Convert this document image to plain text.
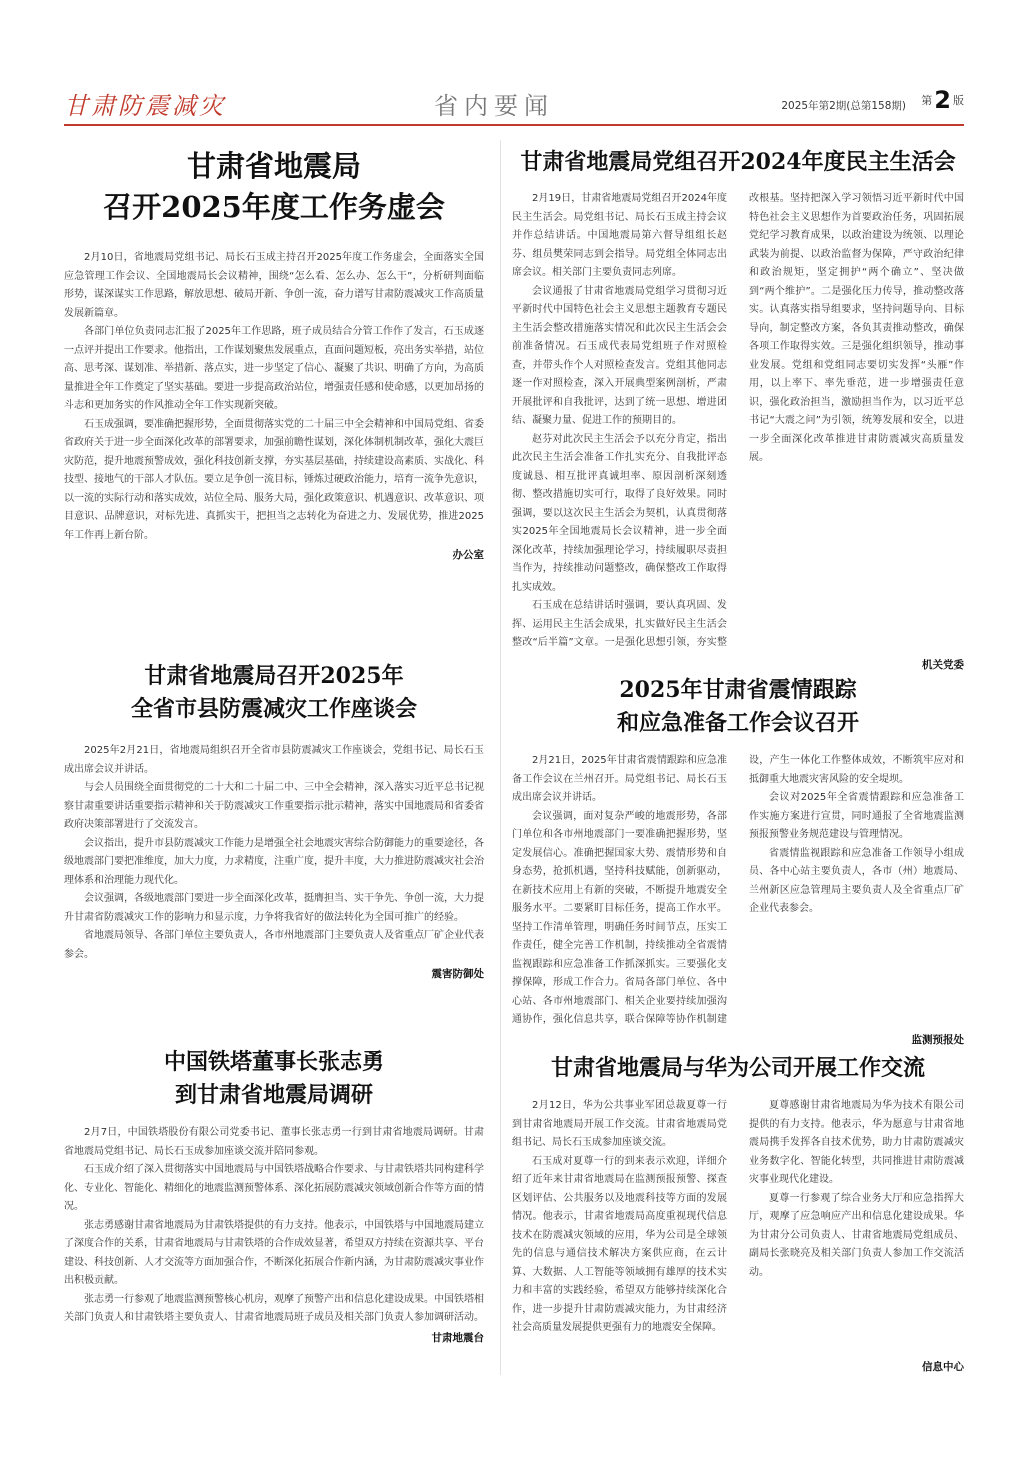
甘肃防震减灾	省内要闻	2025年第2期(总第158期) 第2 版
甘肃省地震局
召开2025年度工作务虚会

2月10日，省地震局党组书记、局长石玉成主持召开2025年度工作务虚会，全面落实全国应急管理工作会议、全国地震局长会议精神，围绕“怎么看、怎么办、怎么干”，分析研判面临形势，谋深谋实工作思路，解放思想、破局开新、争创一流，奋力谱写甘肃防震减灾工作高质量发展新篇章。

各部门单位负责同志汇报了2025年工作思路，班子成员结合分管工作作了发言，石玉成逐一点评并提出工作要求。他指出，工作谋划聚焦发展重点，直面问题短板，亮出务实举措，站位高、思考深、谋划准、举措新、落点实，进一步坚定了信心、凝聚了共识、明确了方向，为高质量推进全年工作奠定了坚实基础。要进一步提高政治站位，增强责任感和使命感，以更加昂扬的斗志和更加务实的作风推动全年工作实现新突破。

石玉成强调，要准确把握形势，全面贯彻落实党的二十届三中全会精神和中国局党组、省委省政府关于进一步全面深化改革的部署要求，加强前瞻性谋划，深化体制机制改革，强化大震巨灾防范，提升地震预警成效，强化科技创新支撑，夯实基层基础，持续建设高素质、实战化、科技型、接地气的干部人才队伍。要立足争创一流目标，锤炼过硬政治能力，培育一流争先意识，以一流的实际行动和落实成效，站位全局、服务大局，强化政策意识、机遇意识、改革意识、项目意识、品牌意识，对标先进、真抓实干，把担当之志转化为奋进之力、发展优势，推进2025年工作再上新台阶。

办公室
甘肃省地震局党组召开2024年度民主生活会

2月19日，甘肃省地震局党组召开2024年度民主生活会。局党组书记、局长石玉成主持会议并作总结讲话。中国地震局第六督导组组长赵芬、组员樊荣同志到会指导。局党组全体同志出席会议。相关部门主要负责同志列席。

会议通报了甘肃省地震局党组学习贯彻习近平新时代中国特色社会主义思想主题教育专题民主生活会整改措施落实情况和此次民主生活会会前准备情况。石玉成代表局党组班子作对照检查，并带头作个人对照检查发言。党组其他同志逐一作对照检查，深入开展典型案例剖析，严肃开展批评和自我批评，达到了统一思想、增进团结、凝聚力量、促进工作的预期目的。

赵芬对此次民主生活会予以充分肯定，指出此次民主生活会准备工作扎实充分、自我批评态度诚恳、相互批评真诚坦率、原因剖析深刻透彻、整改措施切实可行，取得了良好效果。同时强调，要以这次民主生活会为契机，认真贯彻落实2025年全国地震局长会议精神，进一步全面深化改革，持续加强理论学习，持续履职尽责担当作为，持续推动问题整改，确保整改工作取得扎实成效。

石玉成在总结讲话时强调，要认真巩固、发挥、运用民主生活会成果，扎实做好民主生活会整改“后半篇”文章。一是强化思想引领，夯实整改根基。坚持把深入学习领悟习近平新时代中国特色社会主义思想作为首要政治任务，巩固拓展党纪学习教育成果，以政治建设为统领、以理论武装为前提、以政治监督为保障，严守政治纪律和政治规矩，坚定拥护“两个确立”、坚决做到“两个维护”。二是强化压力传导，推动整改落实。认真落实指导组要求，坚持问题导向、目标导向，制定整改方案，各负其责推动整改，确保各项工作取得实效。三是强化组织领导，推动事业发展。党组和党组同志要切实发挥“头雁”作用，以上率下、率先垂范，进一步增强责任意识，强化政治担当，激励担当作为，以习近平总书记“大震之问”为引领，统筹发展和安全，以进一步全面深化改革推进甘肃防震减灾高质量发展。

机关党委
甘肃省地震局召开2025年
全省市县防震减灾工作座谈会

2025年2月21日，省地震局组织召开全省市县防震减灾工作座谈会，党组书记、局长石玉成出席会议并讲话。

与会人员围绕全面贯彻党的二十大和二十届二中、三中全会精神，深入落实习近平总书记视察甘肃重要讲话重要指示精神和关于防震减灾工作重要指示批示精神，落实中国地震局和省委省政府决策部署进行了交流发言。

会议指出，提升市县防震减灾工作能力是增强全社会地震灾害综合防御能力的重要途径，各级地震部门要把准维度，加大力度，力求精度，注重广度，提升丰度，大力推进防震减灾社会治理体系和治理能力现代化。

会议强调，各级地震部门要进一步全面深化改革，挺膺担当、实干争先、争创一流，大力提升甘肃省防震减灾工作的影响力和显示度，力争将我省好的做法转化为全国可推广的经验。

省地震局领导、各部门单位主要负责人，各市州地震部门主要负责人及省重点厂矿企业代表参会。

震害防御处
2025年甘肃省震情跟踪
和应急准备工作会议召开

2月21日，2025年甘肃省震情跟踪和应急准备工作会议在兰州召开。局党组书记、局长石玉成出席会议并讲话。

会议强调，面对复杂严峻的地震形势，各部门单位和各市州地震部门一要准确把握形势，坚定发展信心。准确把握国家大势、震情形势和自身态势，抢抓机遇，坚持科技赋能，创新驱动，在新技术应用上有新的突破，不断提升地震安全服务水平。二要紧盯目标任务，提高工作水平。坚持工作清单管理，明确任务时间节点，压实工作责任，健全完善工作机制，持续推动全省震情监视跟踪和应急准备工作抓深抓实。三要强化支撑保障，形成工作合力。省局各部门单位、各中心站、各市州地震部门、相关企业要持续加强沟通协作，强化信息共享，联合保障等协作机制建设，产生一体化工作整体成效，不断筑牢应对和抵御重大地震灾害风险的安全堤坝。

会议对2025年全省震情跟踪和应急准备工作实施方案进行宣贯，同时通报了全省地震监测预报预警业务规范建设与管理情况。

省震情监视跟踪和应急准备工作领导小组成员、各中心站主要负责人，各市（州）地震局、兰州新区应急管理局主要负责人及全省重点厂矿企业代表参会。

监测预报处
中国铁塔董事长张志勇
到甘肃省地震局调研

2月7日，中国铁塔股份有限公司党委书记、董事长张志勇一行到甘肃省地震局调研。甘肃省地震局党组书记、局长石玉成参加座谈交流并陪同参观。

石玉成介绍了深入贯彻落实中国地震局与中国铁塔战略合作要求、与甘肃铁塔共同构建科学化、专业化、智能化、精细化的地震监测预警体系、深化拓展防震减灾领域创新合作等方面的情况。

张志勇感谢甘肃省地震局为甘肃铁塔提供的有力支持。他表示，中国铁塔与中国地震局建立了深度合作的关系，甘肃省地震局与甘肃铁塔的合作成效显著，希望双方持续在资源共享、平台建设、科技创新、人才交流等方面加强合作，不断深化拓展合作新内涵，为甘肃防震减灾事业作出积极贡献。

张志勇一行参观了地震监测预警核心机房，观摩了预警产出和信息化建设成果。中国铁塔相关部门负责人和甘肃铁塔主要负责人、甘肃省地震局班子成员及相关部门负责人参加调研活动。

甘肃地震台
甘肃省地震局与华为公司开展工作交流

2月12日，华为公共事业军团总裁夏尊一行到甘肃省地震局开展工作交流。甘肃省地震局党组书记、局长石玉成参加座谈交流。

石玉成对夏尊一行的到来表示欢迎，详细介绍了近年来甘肃省地震局在监测预报预警、探查区划评估、公共服务以及地震科技等方面的发展情况。他表示，甘肃省地震局高度重视现代信息技术在防震减灾领域的应用，华为公司是全球领先的信息与通信技术解决方案供应商，在云计算、大数据、人工智能等领域拥有雄厚的技术实力和丰富的实践经验，希望双方能够持续深化合作，进一步提升甘肃防震减灾能力，为甘肃经济社会高质量发展提供更强有力的地震安全保障。

夏尊感谢甘肃省地震局为华为技术有限公司提供的有力支持。他表示，华为愿意与甘肃省地震局携手发挥各自技术优势，助力甘肃防震减灾业务数字化、智能化转型，共同推进甘肃防震减灾事业现代化建设。

夏尊一行参观了综合业务大厅和应急指挥大厅，观摩了应急响应产出和信息化建设成果。华为甘肃分公司负责人、甘肃省地震局党组成员、副局长张晓亮及相关部门负责人参加工作交流活动。

信息中心
